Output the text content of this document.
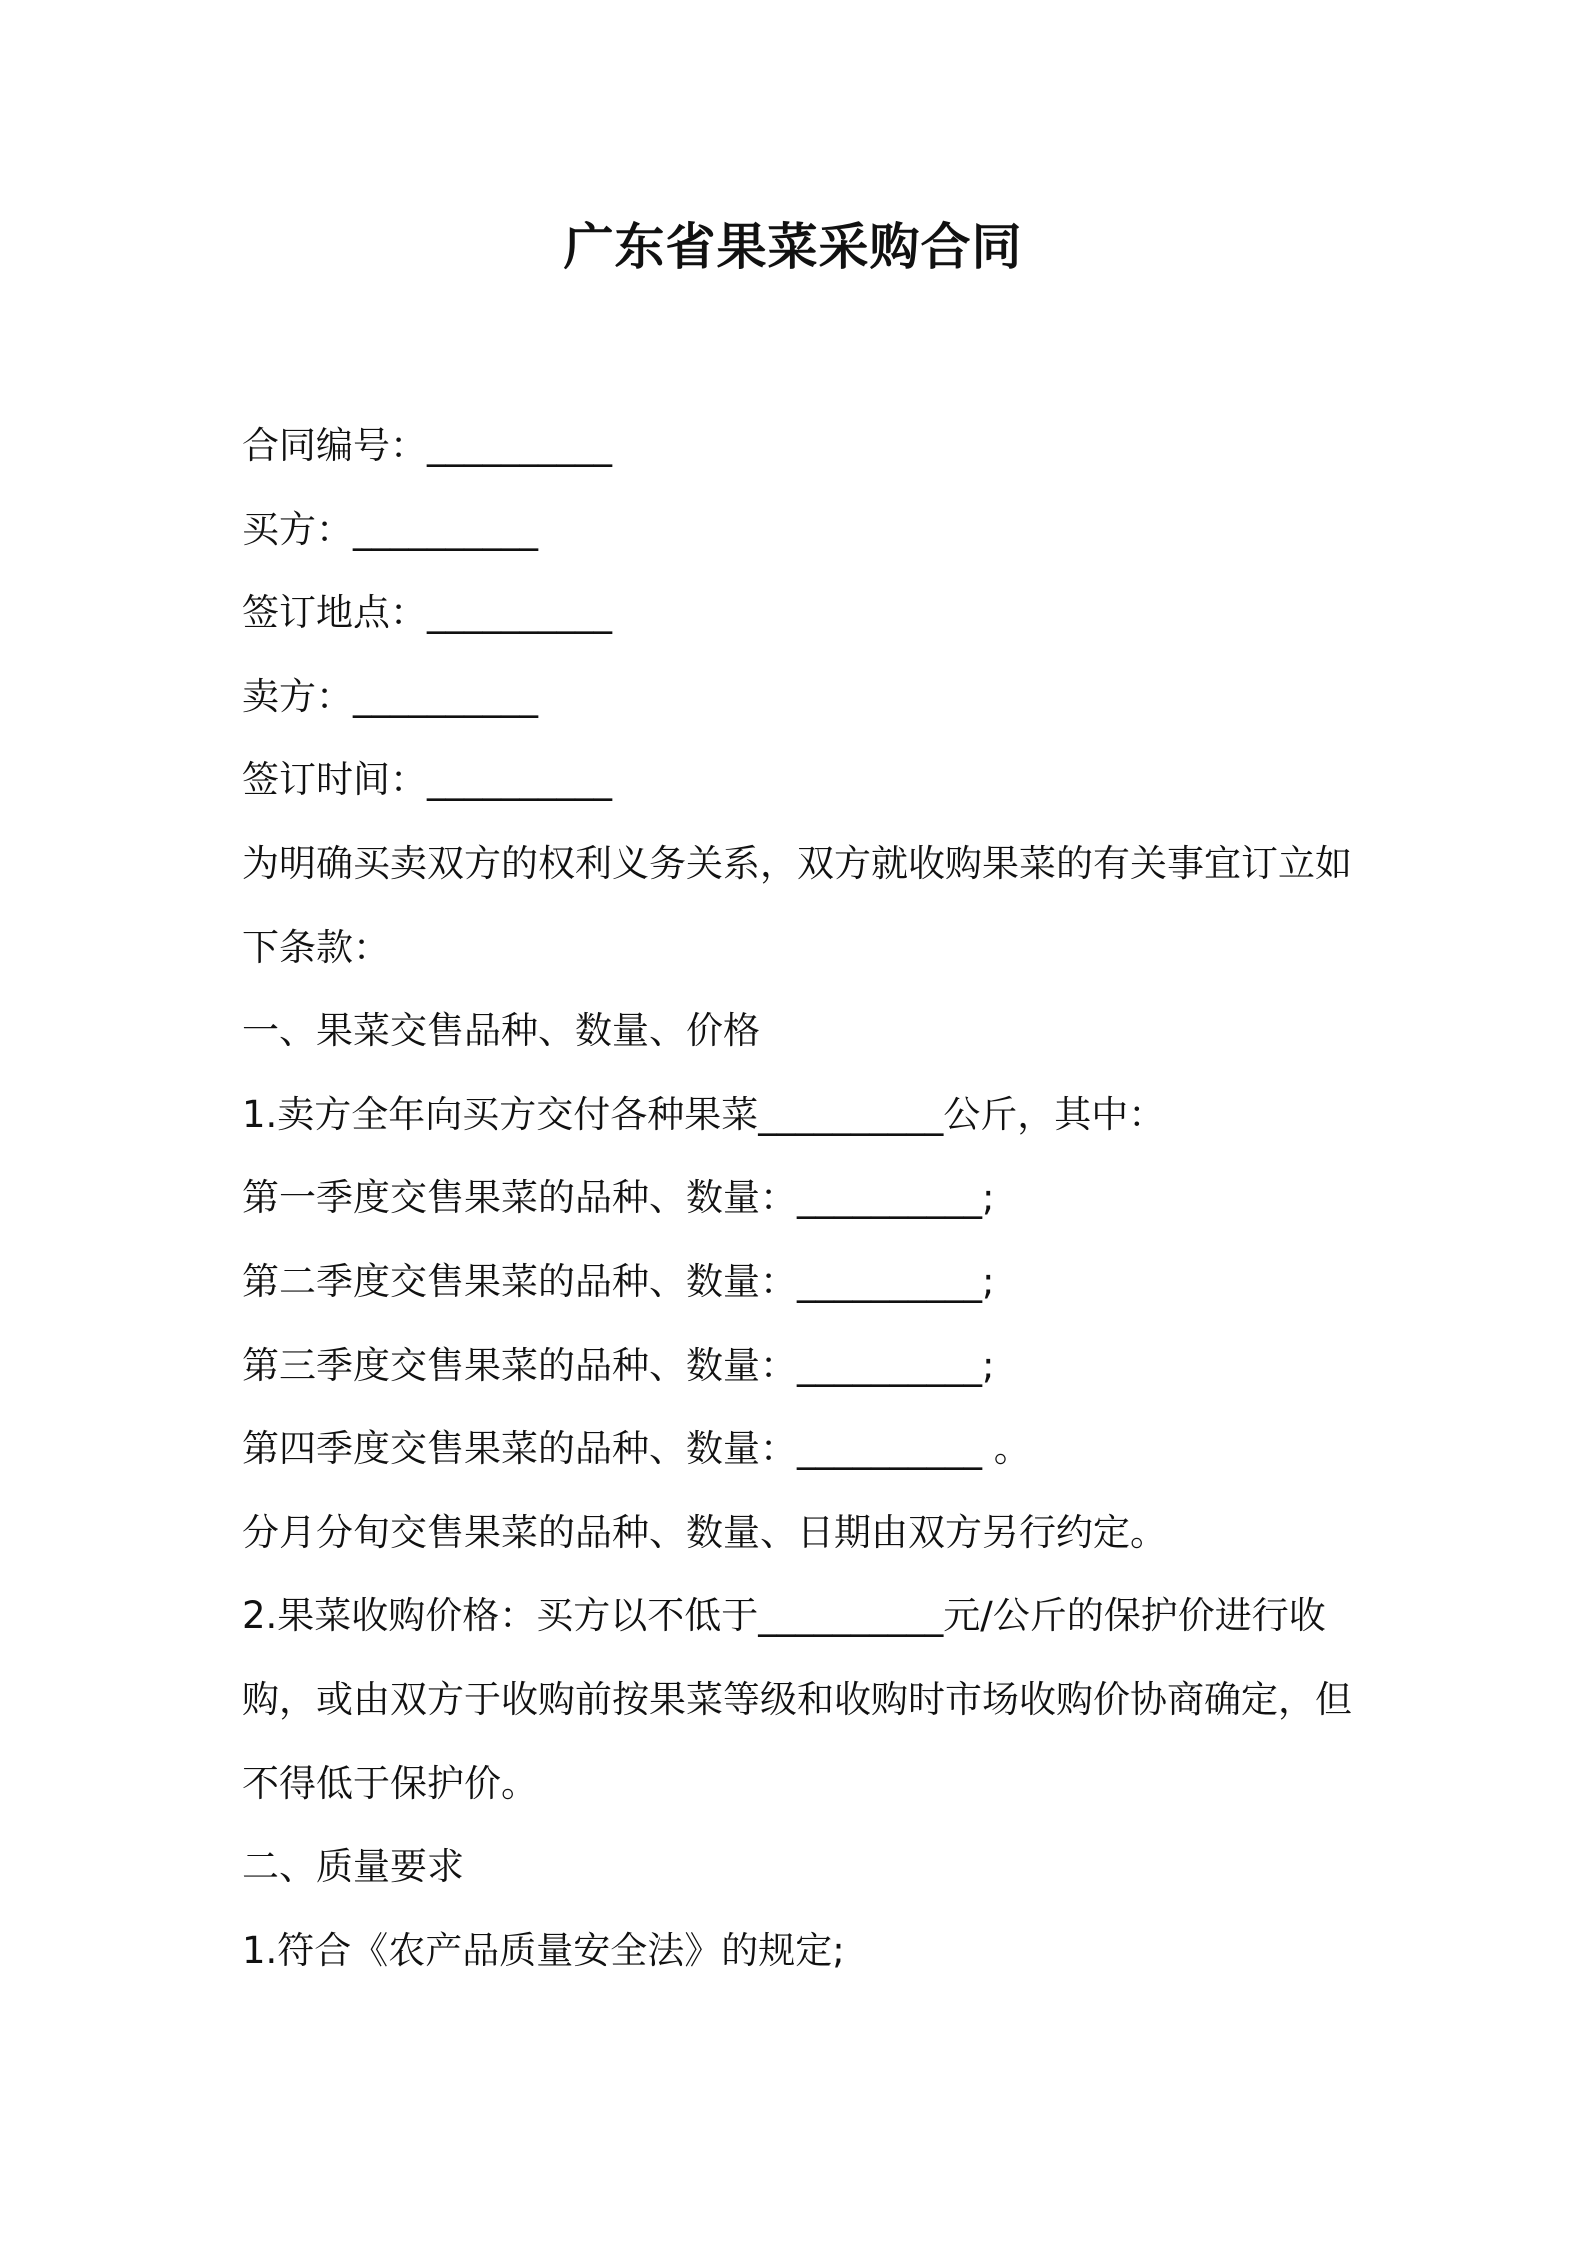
广东省果菜采购合同
合同编号：__________
买方：__________
签订地点：__________
卖方：__________
签订时间：__________
为明确买卖双方的权利义务关系，双方就收购果菜的有关事宜订立如
下条款：
一、果菜交售品种、数量、价格
1.卖方全年向买方交付各种果菜__________公斤，其中：
第一季度交售果菜的品种、数量：__________;
第二季度交售果菜的品种、数量：__________;
第三季度交售果菜的品种、数量：__________;
第四季度交售果菜的品种、数量：__________ 。
分月分旬交售果菜的品种、数量、日期由双方另行约定。
2.果菜收购价格：买方以不低于__________元/公斤的保护价进行收
购，或由双方于收购前按果菜等级和收购时市场收购价协商确定，但
不得低于保护价。
二、质量要求
1.符合《农产品质量安全法》的规定;
